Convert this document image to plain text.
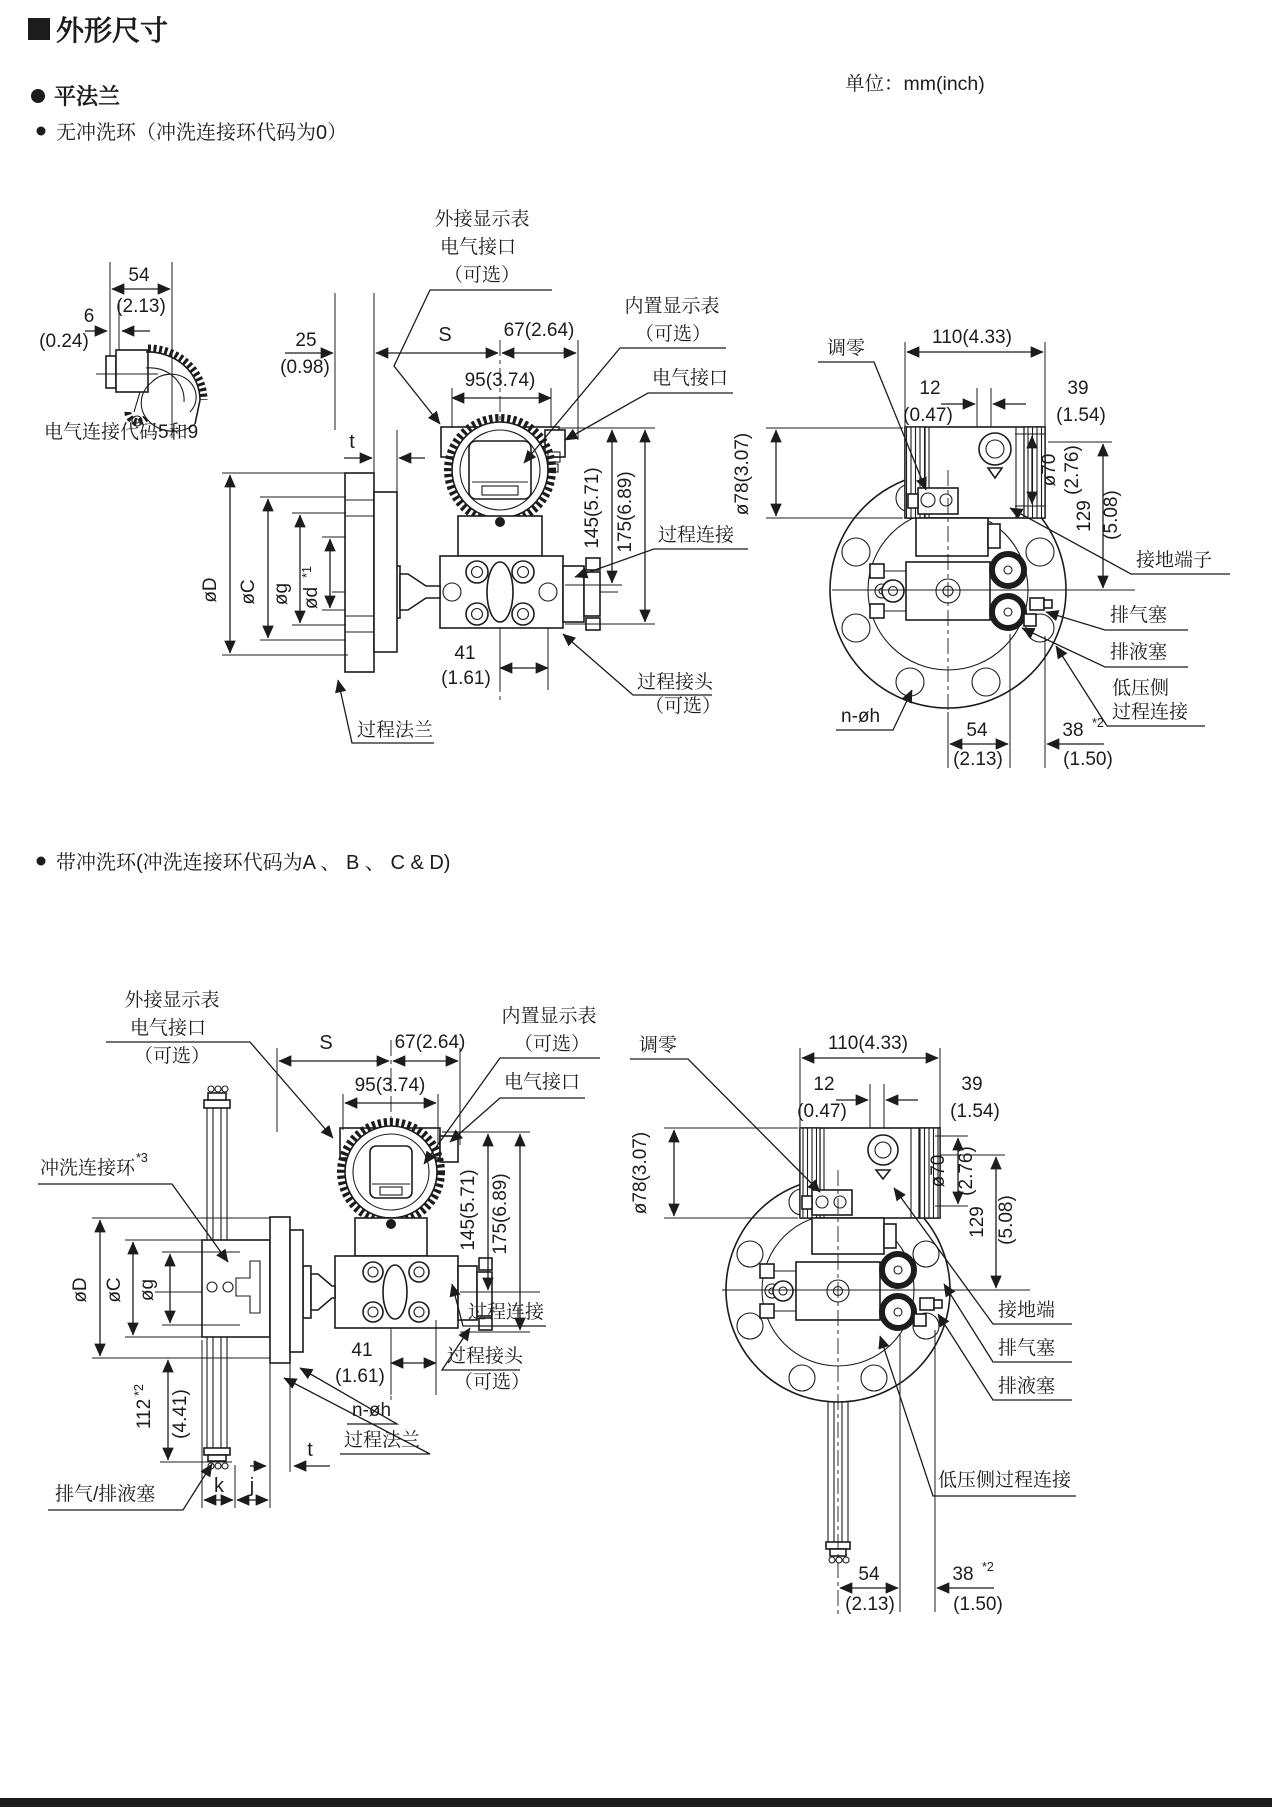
外形尺寸
单位：mm(inch)
平法兰
无冲洗环（冲洗连接环代码为0）
54
(2.13)
6
(0.24)
电气连接代码5和9
25
(0.98)
S	67(2.64)
95(3.74)
t
外接显示表
电气接口
（可选）
内置显示表
（可选）
电气接口
145(5.71) 175(6.89) 过程连接
41
(1.61)	过程接头
（可选）
过程法兰
øD øC øg ød
*1
110(4.33)
调零
12
(0.47)
39
(1.54)
ø78(3.07)	ø70 (2.76)
129 (5.08)
接地端子
排气塞
排液塞
低压侧
过程连接
n-øh
54
(2.13)
38 *2
(1.50)
带冲洗环(冲洗连接环代码为A 、 B 、 C & D)
S	67(2.64)
95(3.74)
外接显示表
电气接口
（可选）
内置显示表
（可选）
电气接口
冲洗连接环 *3
145(5.71) 175(6.89)
øD øC øg
112
*2 (4.41)
t
k j
排气/排液塞
41
(1.61)
过程连接
过程接头
（可选）
n-øh
过程法兰
110(4.33)
调零
12
(0.47)
39
(1.54)
ø78(3.07)	ø70 (2.76)
129 (5.08)
接地端
排气塞
排液塞
低压侧过程连接
54
(2.13)
38 *2
(1.50)
